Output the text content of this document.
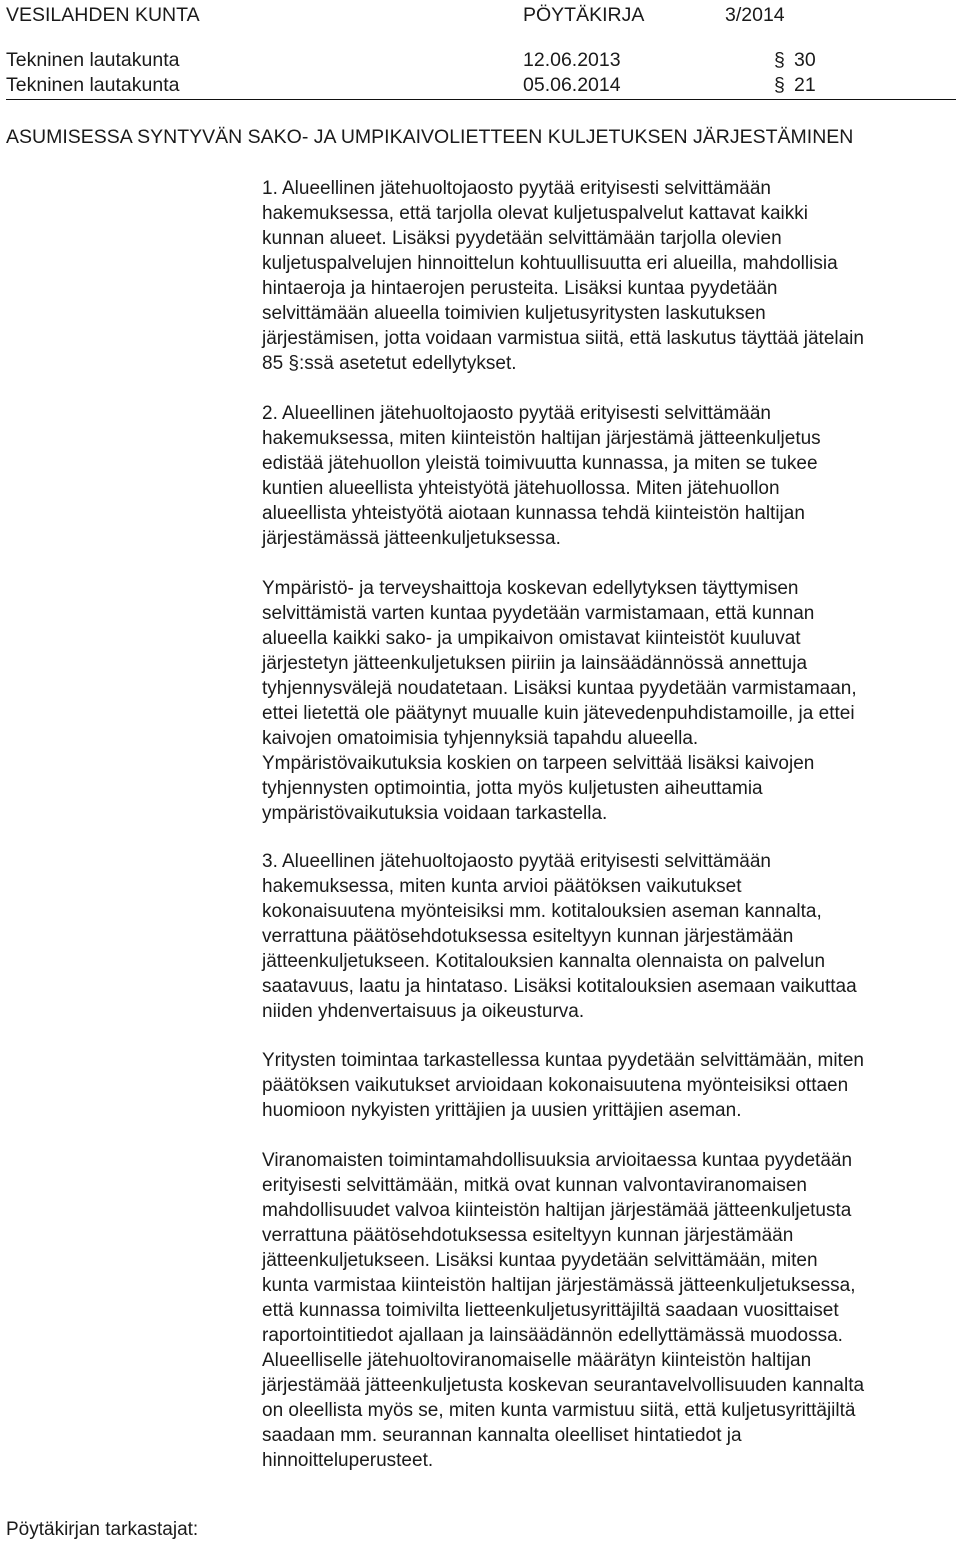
VESILAHDEN KUNTA	PÖYTÄKIRJA	3/2014
Tekninen lautakunta	12.06.2013	§ 30
Tekninen lautakunta	05.06.2014	§ 21
ASUMISESSA SYNTYVÄN SAKO- JA UMPIKAIVOLIETTEEN KULJETUKSEN JÄRJESTÄMINEN
1. Alueellinen jätehuoltojaosto pyytää erityisesti selvittämään
hakemuksessa, että tarjolla olevat kuljetuspalvelut kattavat kaikki
kunnan alueet. Lisäksi pyydetään selvittämään tarjolla olevien
kuljetuspalvelujen hinnoittelun kohtuullisuutta eri alueilla, mahdollisia
hintaeroja ja hintaerojen perusteita. Lisäksi kuntaa pyydetään
selvittämään alueella toimivien kuljetusyritysten laskutuksen
järjestämisen, jotta voidaan varmistua siitä, että laskutus täyttää jätelain
85 §:ssä asetetut edellytykset.
2. Alueellinen jätehuoltojaosto pyytää erityisesti selvittämään
hakemuksessa, miten kiinteistön haltijan järjestämä jätteenkuljetus
edistää jätehuollon yleistä toimivuutta kunnassa, ja miten se tukee
kuntien alueellista yhteistyötä jätehuollossa. Miten jätehuollon
alueellista yhteistyötä aiotaan kunnassa tehdä kiinteistön haltijan
järjestämässä jätteenkuljetuksessa.
Ympäristö- ja terveyshaittoja koskevan edellytyksen täyttymisen
selvittämistä varten kuntaa pyydetään varmistamaan, että kunnan
alueella kaikki sako- ja umpikaivon omistavat kiinteistöt kuuluvat
järjestetyn jätteenkuljetuksen piiriin ja lainsäädännössä annettuja
tyhjennysvälejä noudatetaan. Lisäksi kuntaa pyydetään varmistamaan,
ettei lietettä ole päätynyt muualle kuin jätevedenpuhdistamoille, ja ettei
kaivojen omatoimisia tyhjennyksiä tapahdu alueella.
Ympäristövaikutuksia koskien on tarpeen selvittää lisäksi kaivojen
tyhjennysten optimointia, jotta myös kuljetusten aiheuttamia
ympäristövaikutuksia voidaan tarkastella.
3. Alueellinen jätehuoltojaosto pyytää erityisesti selvittämään
hakemuksessa, miten kunta arvioi päätöksen vaikutukset
kokonaisuutena myönteisiksi mm. kotitalouksien aseman kannalta,
verrattuna päätösehdotuksessa esiteltyyn kunnan järjestämään
jätteenkuljetukseen. Kotitalouksien kannalta olennaista on palvelun
saatavuus, laatu ja hintataso. Lisäksi kotitalouksien asemaan vaikuttaa
niiden yhdenvertaisuus ja oikeusturva.
Yritysten toimintaa tarkastellessa kuntaa pyydetään selvittämään, miten
päätöksen vaikutukset arvioidaan kokonaisuutena myönteisiksi ottaen
huomioon nykyisten yrittäjien ja uusien yrittäjien aseman.
Viranomaisten toimintamahdollisuuksia arvioitaessa kuntaa pyydetään
erityisesti selvittämään, mitkä ovat kunnan valvontaviranomaisen
mahdollisuudet valvoa kiinteistön haltijan järjestämää jätteenkuljetusta
verrattuna päätösehdotuksessa esiteltyyn kunnan järjestämään
jätteenkuljetukseen. Lisäksi kuntaa pyydetään selvittämään, miten
kunta varmistaa kiinteistön haltijan järjestämässä jätteenkuljetuksessa,
että kunnassa toimivilta lietteenkuljetusyrittäjiltä saadaan vuosittaiset
raportointitiedot ajallaan ja lainsäädännön edellyttämässä muodossa.
Alueelliselle jätehuoltoviranomaiselle määrätyn kiinteistön haltijan
järjestämää jätteenkuljetusta koskevan seurantavelvollisuuden kannalta
on oleellista myös se, miten kunta varmistuu siitä, että kuljetusyrittäjiltä
saadaan mm. seurannan kannalta oleelliset hintatiedot ja
hinnoitteluperusteet.
Pöytäkirjan tarkastajat:
